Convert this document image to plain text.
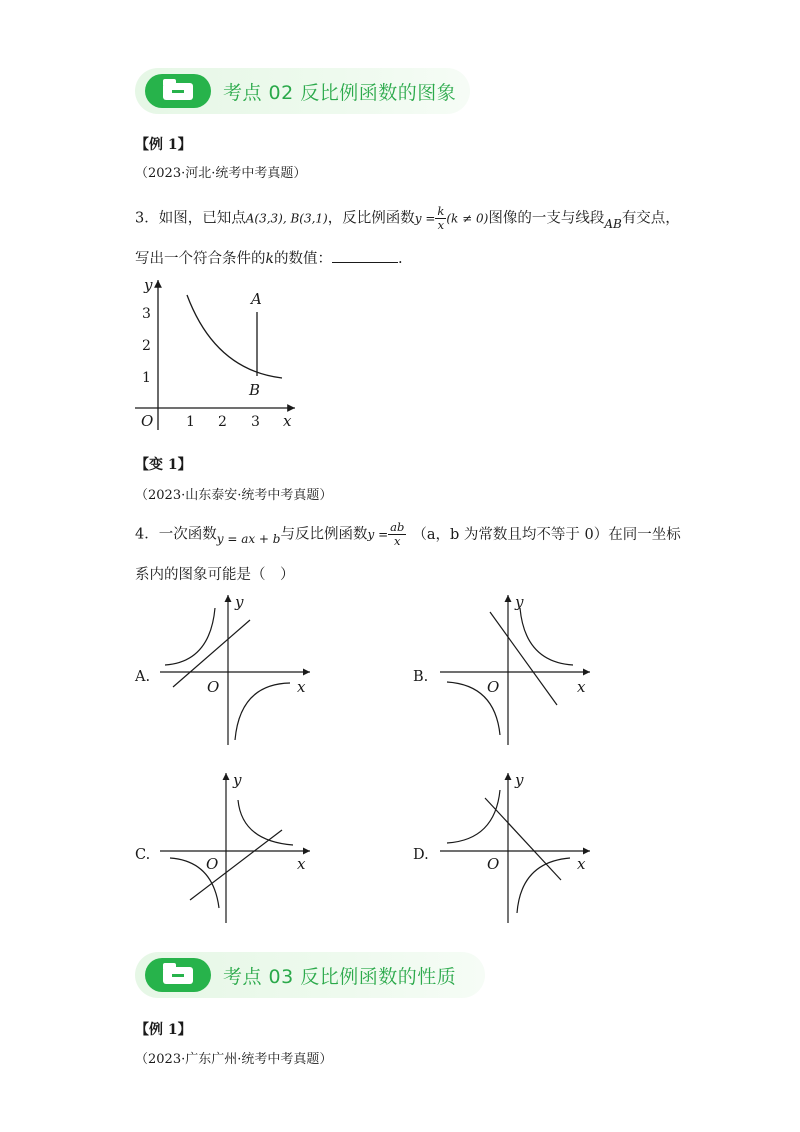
考点 02 反比例函数的图象
【例 1】
（2023·河北·统考中考真题）
3．如图，已知点A(3,3), B(3,1)，反比例函数$y = \frac{k}{x} (k \ne 0)$图像的一支与线段$_{AB}$有交点，
写出一个符合条件的k的数值：	.
y
x
O 1 2 3
3
2
1
A
B
【变 1】
（2023·山东泰安·统考中考真题）
4．一次函数$_{y = ax + b}$与反比例函数$y = \frac{ab}{x} (a$，b 为常数且均不等于 0）在同一坐标
系内的图象可能是（　）
A.
y
x
O
B.
y
x
O
C.
y
x
O	D.
y
x
O
考点 03 反比例函数的性质
【例 1】
（2023·广东广州·统考中考真题）
